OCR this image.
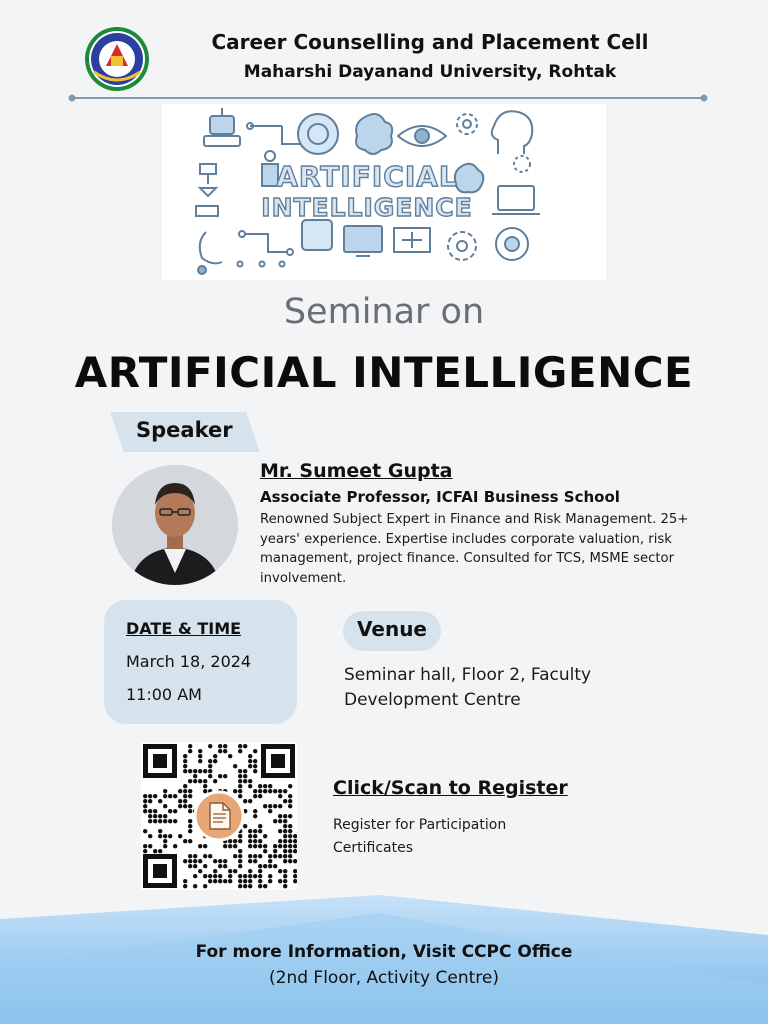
Career Counselling and Placement Cell
Maharshi Dayanand University, Rohtak
ARTIFICIAL
INTELLIGENCE
Seminar on
ARTIFICIAL INTELLIGENCE
Speaker
Mr. Sumeet Gupta
Associate Professor, ICFAI Business School
Renowned Subject Expert in Finance and Risk Management. 25+ years' experience. Expertise includes corporate valuation, risk management, project finance. Consulted for TCS, MSME sector involvement.
DATE & TIME
March 18, 2024
11:00 AM
Venue
Seminar hall, Floor 2, Faculty Development Centre
Click/Scan to Register
Register for Participation Certificates
For more Information, Visit CCPC Office
(2nd Floor, Activity Centre)
